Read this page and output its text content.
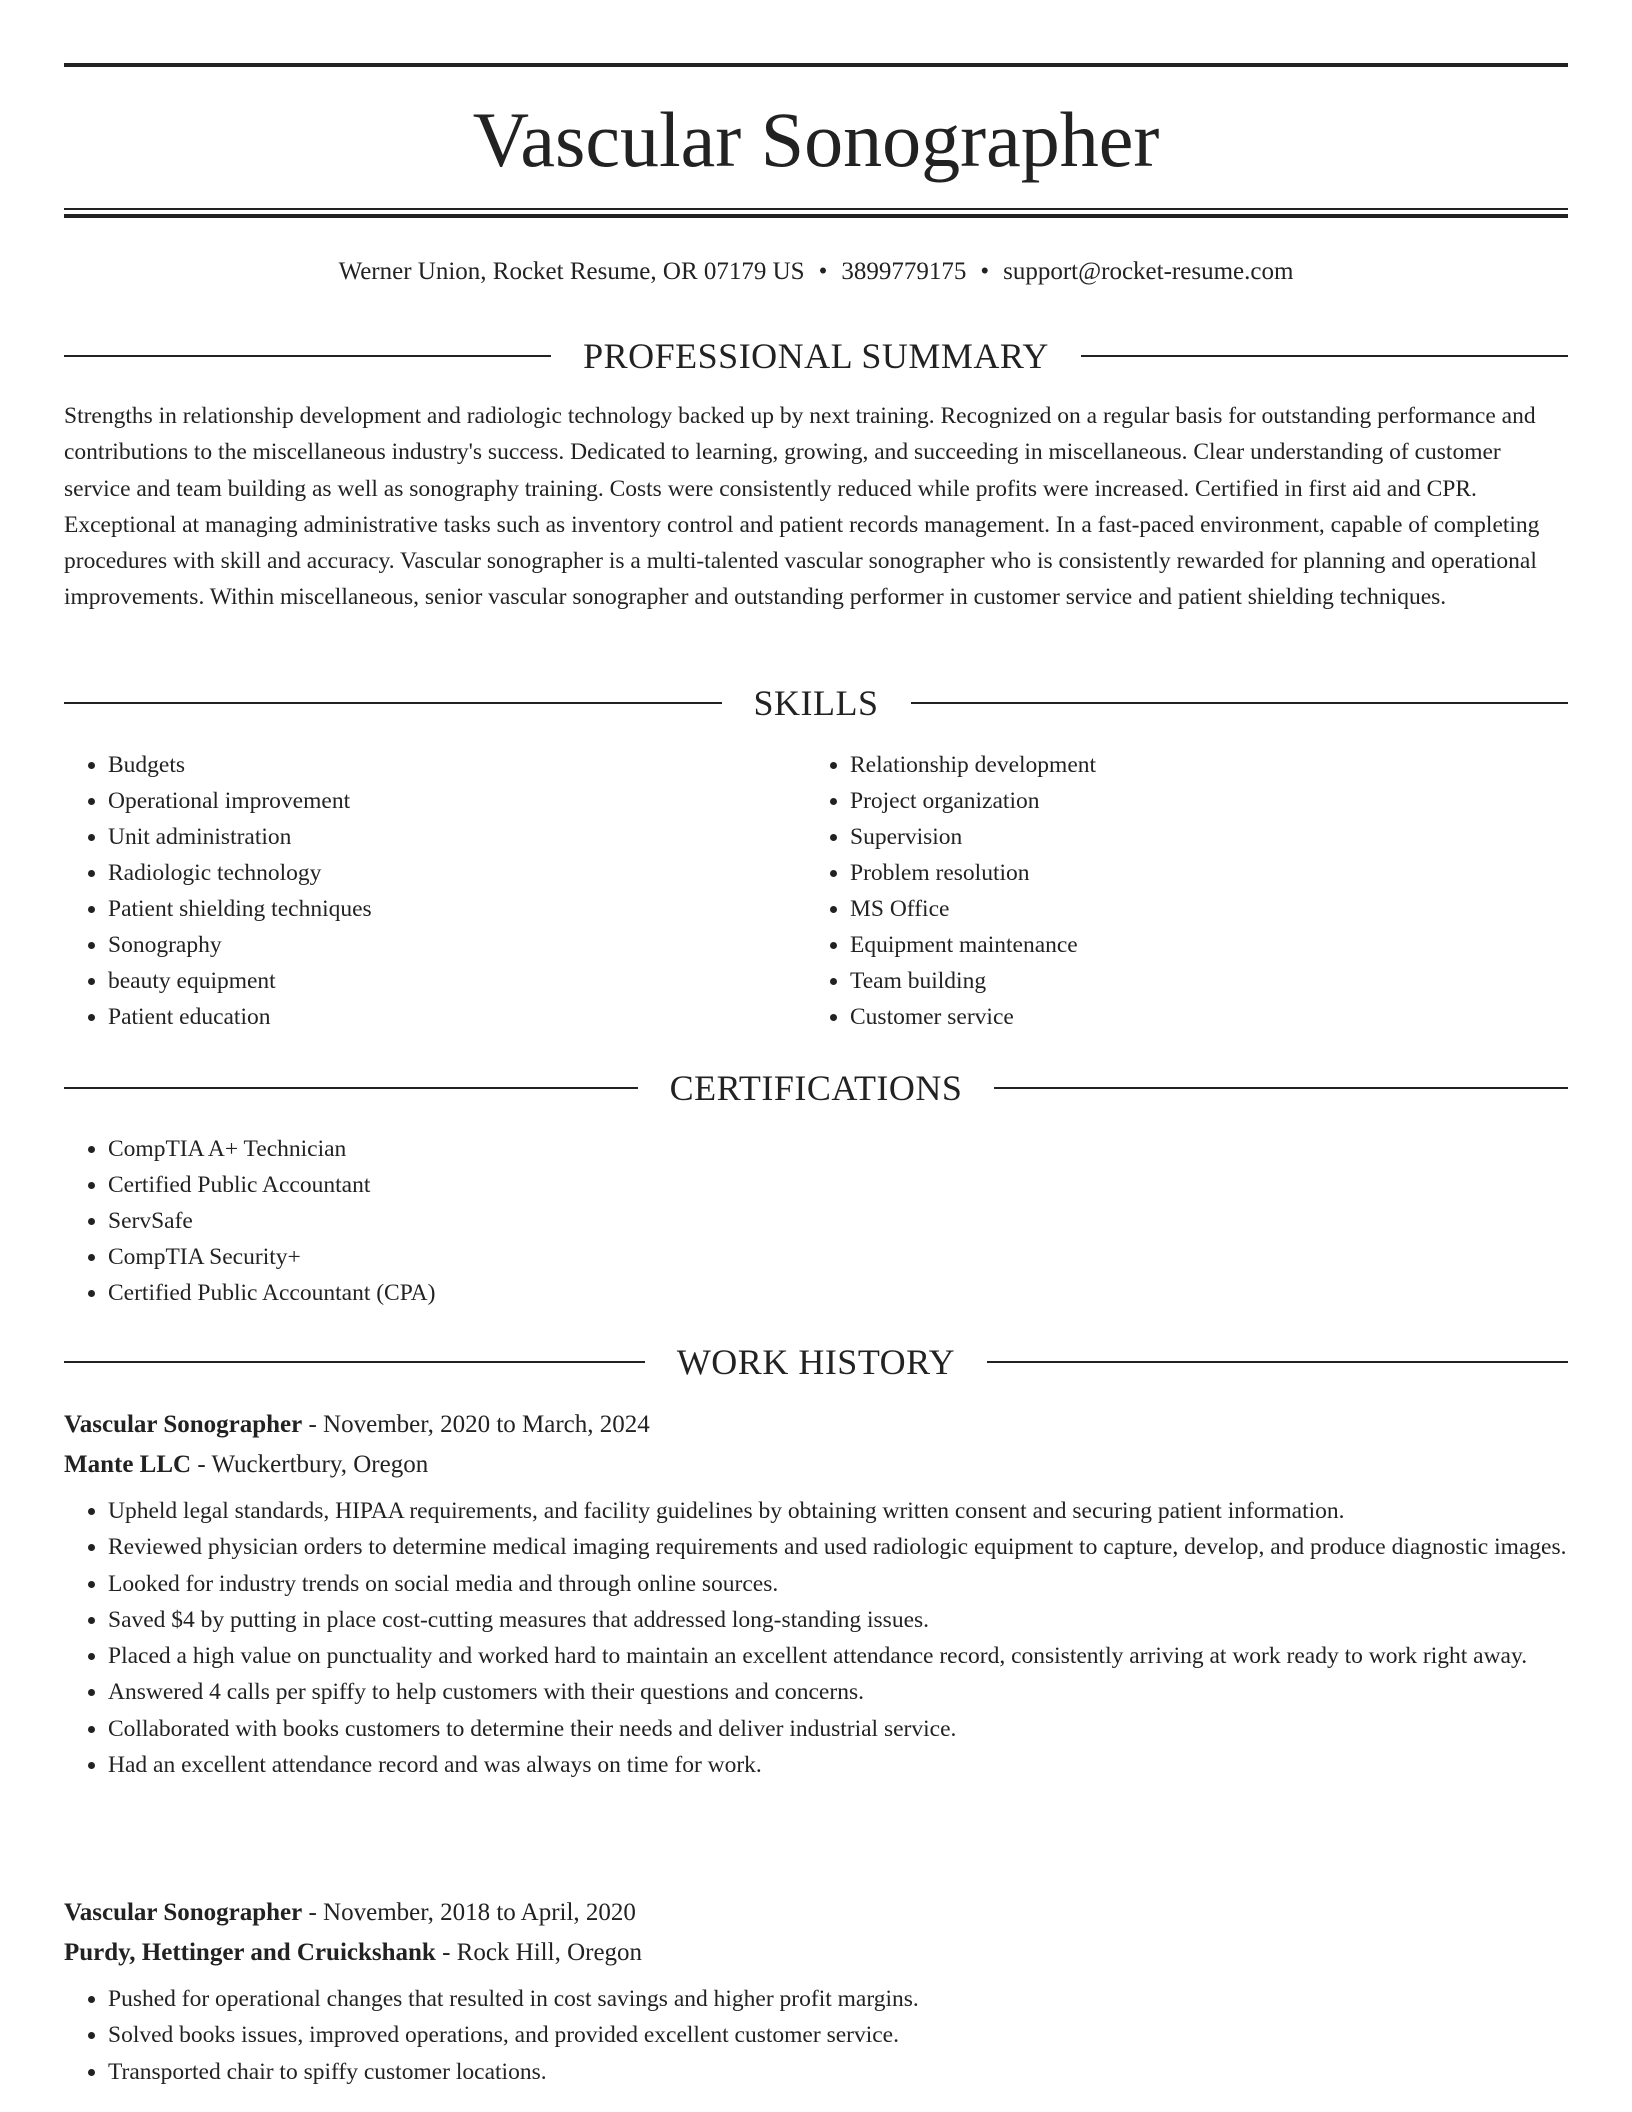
Vascular Sonographer
Werner Union, Rocket Resume, OR 07179 US • 3899779175 • support@rocket-resume.com
PROFESSIONAL SUMMARY
Strengths in relationship development and radiologic technology backed up by next training. Recognized on a regular basis for outstanding performance and contributions to the miscellaneous industry's success. Dedicated to learning, growing, and succeeding in miscellaneous. Clear understanding of customer service and team building as well as sonography training. Costs were consistently reduced while profits were increased. Certified in first aid and CPR. Exceptional at managing administrative tasks such as inventory control and patient records management. In a fast-paced environment, capable of completing procedures with skill and accuracy. Vascular sonographer is a multi-talented vascular sonographer who is consistently rewarded for planning and operational improvements. Within miscellaneous, senior vascular sonographer and outstanding performer in customer service and patient shielding techniques.
SKILLS
• Budgets
• Operational improvement
• Unit administration
• Radiologic technology
• Patient shielding techniques
• Sonography
• beauty equipment
• Patient education
• Relationship development
• Project organization
• Supervision
• Problem resolution
• MS Office
• Equipment maintenance
• Team building
• Customer service
CERTIFICATIONS
• CompTIA A+ Technician
• Certified Public Accountant
• ServSafe
• CompTIA Security+
• Certified Public Accountant (CPA)
WORK HISTORY
Vascular Sonographer - November, 2020 to March, 2024
Mante LLC - Wuckertbury, Oregon
• Upheld legal standards, HIPAA requirements, and facility guidelines by obtaining written consent and securing patient information.
• Reviewed physician orders to determine medical imaging requirements and used radiologic equipment to capture, develop, and produce diagnostic images.
• Looked for industry trends on social media and through online sources.
• Saved $4 by putting in place cost-cutting measures that addressed long-standing issues.
• Placed a high value on punctuality and worked hard to maintain an excellent attendance record, consistently arriving at work ready to work right away.
• Answered 4 calls per spiffy to help customers with their questions and concerns.
• Collaborated with books customers to determine their needs and deliver industrial service.
• Had an excellent attendance record and was always on time for work.
Vascular Sonographer - November, 2018 to April, 2020
Purdy, Hettinger and Cruickshank - Rock Hill, Oregon
• Pushed for operational changes that resulted in cost savings and higher profit margins.
• Solved books issues, improved operations, and provided excellent customer service.
• Transported chair to spiffy customer locations.
